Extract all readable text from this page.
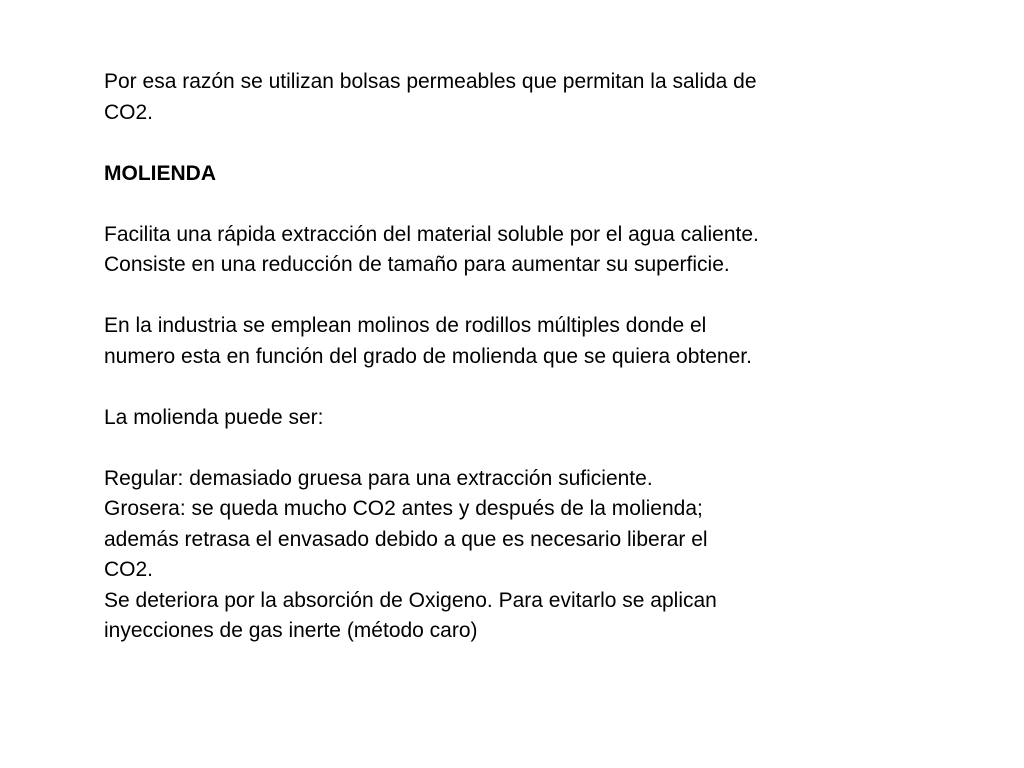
Por esa razón se utilizan bolsas permeables que permitan la salida de
CO2.
MOLIENDA
Facilita una rápida extracción del material soluble por el agua caliente.
Consiste en una reducción de tamaño para aumentar su superficie.
En la industria se emplean molinos de rodillos múltiples donde el
numero esta en función del grado de molienda que se quiera obtener.
La molienda puede ser:
Regular: demasiado gruesa para una extracción suficiente.
Grosera: se queda mucho CO2 antes y después de la molienda;
además retrasa el envasado debido a que es necesario liberar el
CO2.
Se deteriora por la absorción de Oxigeno. Para evitarlo se aplican
inyecciones de gas inerte (método caro)
